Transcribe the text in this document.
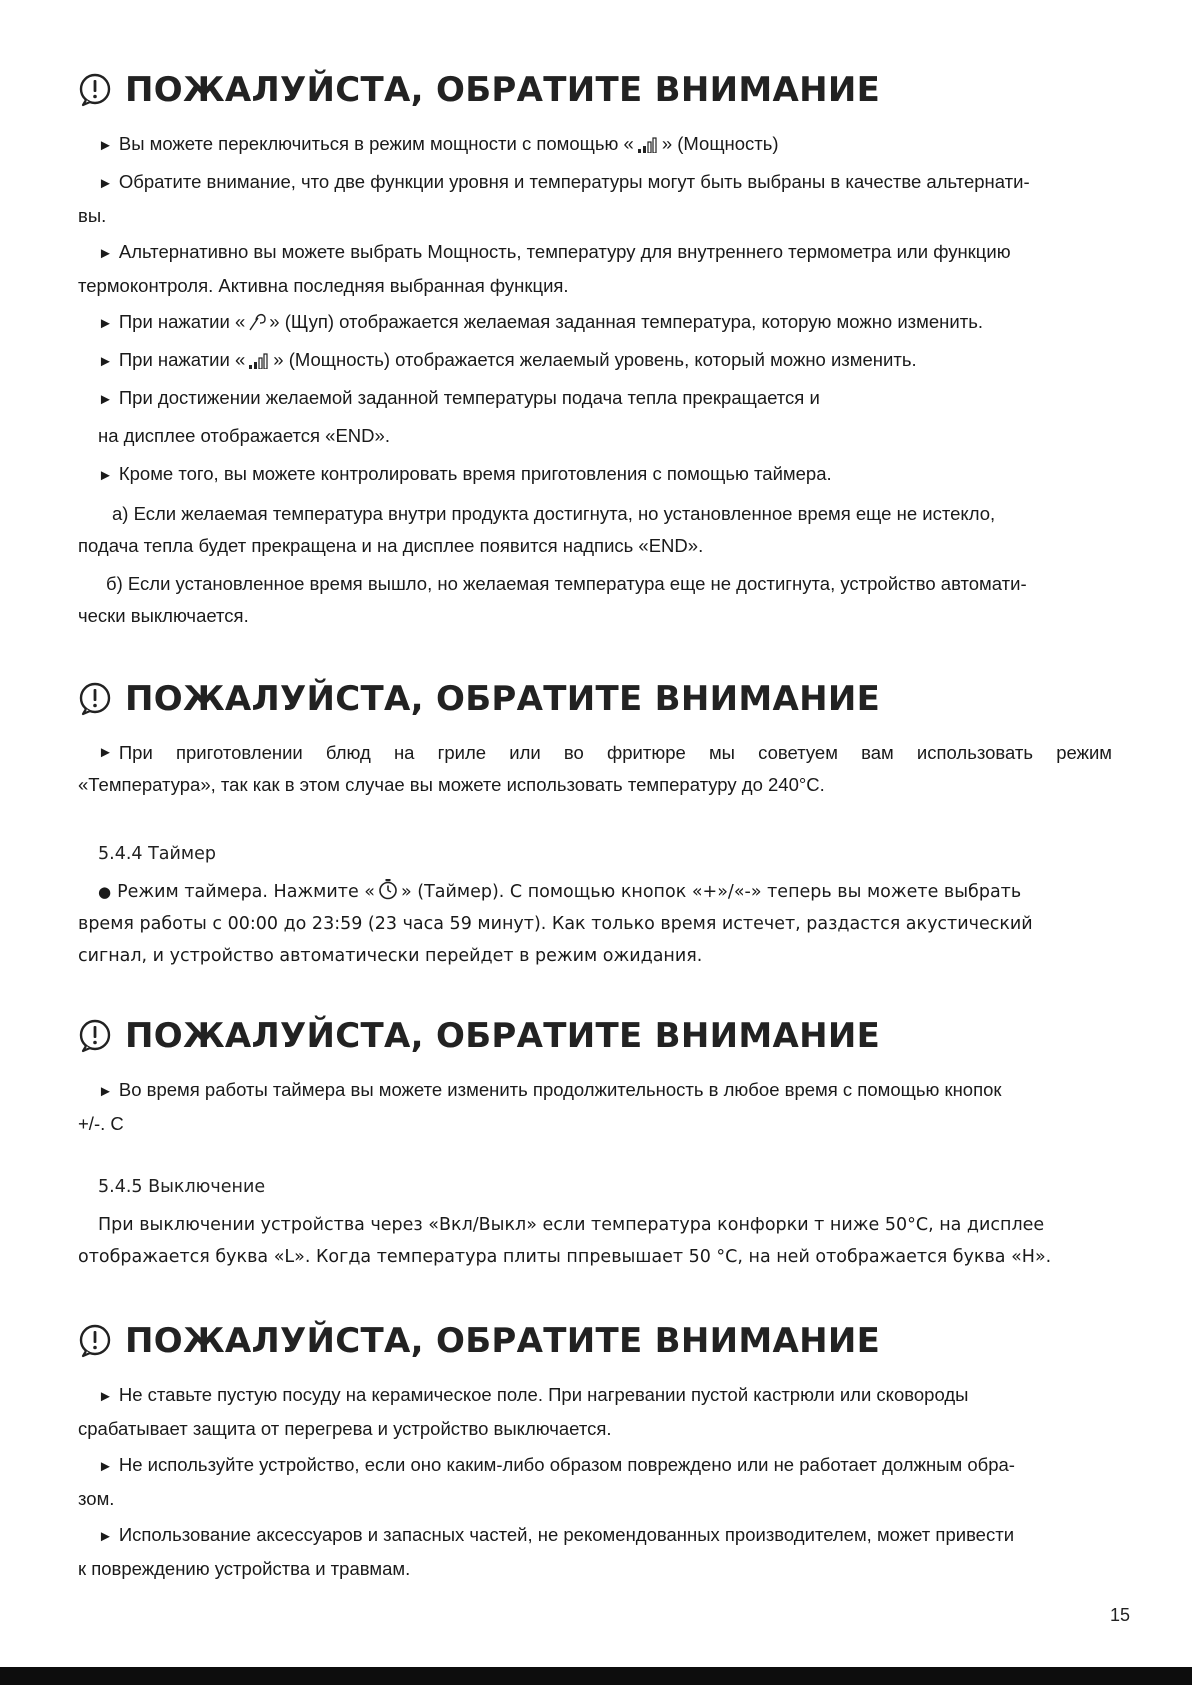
ПОЖАЛУЙСТА, ОБРАТИТЕ ВНИМАНИЕ
► Вы можете переключиться в режим мощности с помощью « » (Мощность)
► Обратите внимание, что две функции уровня и температуры могут быть выбраны в качестве альтернати-
вы.
► Альтернативно вы можете выбрать Мощность, температуру для внутреннего термометра или функцию
термоконтроля. Активна последняя выбранная функция.
► При нажатии « » (Щуп) отображается желаемая заданная температура, которую можно изменить.
► При нажатии « » (Мощность) отображается желаемый уровень, который можно изменить.
► При достижении желаемой заданной температуры подача тепла прекращается и
на дисплее отображается «END».
► Кроме того, вы можете контролировать время приготовления с помощью таймера.
а) Если желаемая температура внутри продукта достигнута, но установленное время еще не истекло,
подача тепла будет прекращена и на дисплее появится надпись «END».
б) Если установленное время вышло, но желаемая температура еще не достигнута, устройство автомати-
чески выключается.
ПОЖАЛУЙСТА, ОБРАТИТЕ ВНИМАНИЕ
► При приготовлении блюд на гриле или во фритюре мы советуем вам использовать режим
«Температура», так как в этом случае вы можете использовать температуру до 240°С.
5.4.4 Таймер
● Режим таймера. Нажмите « » (Таймер). С помощью кнопок «+»/«-» теперь вы можете выбрать
время работы с 00:00 до 23:59 (23 часа 59 минут). Как только время истечет, раздастся акустический
сигнал, и устройство автоматически перейдет в режим ожидания.
ПОЖАЛУЙСТА, ОБРАТИТЕ ВНИМАНИЕ
► Во время работы таймера вы можете изменить продолжительность в любое время с помощью кнопок
+/-. С
5.4.5 Выключение
При выключении устройства через «Вкл/Выкл» если температура конфорки т ниже 50°С, на дисплее
отображается буква «L». Когда температура плиты ппревышает 50 °С, на ней отображается буква «H».
ПОЖАЛУЙСТА, ОБРАТИТЕ ВНИМАНИЕ
► Не ставьте пустую посуду на керамическое поле. При нагревании пустой кастрюли или сковороды
срабатывает защита от перегрева и устройство выключается.
► Не используйте устройство, если оно каким-либо образом повреждено или не работает должным обра-
зом.
► Использование аксессуаров и запасных частей, не рекомендованных производителем, может привести
к повреждению устройства и травмам.
15
